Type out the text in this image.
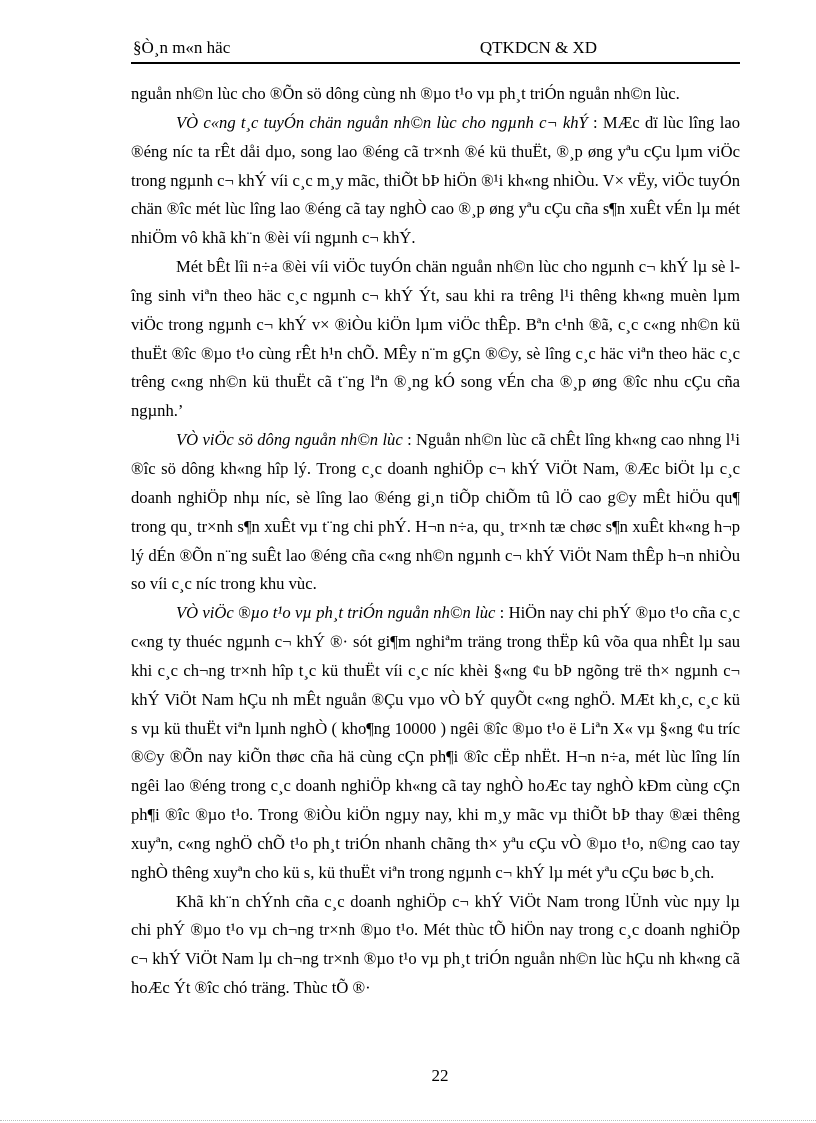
§Ò¸n m«n häc	QTKDCN & XD

nguån nh©n lùc cho ®Õn sö dông cùng nh ®µo t¹o vµ ph¸t triÓn nguån nh©n lùc.

VÒ c«ng t¸c tuyÓn chän nguån nh©n lùc cho ngµnh c¬ khÝ : MÆc dï lùc lîng lao ®éng níc ta rÊt dåi dµo, song lao ®éng cã tr×nh ®é kü thuËt, ®¸p øng yªu cÇu lµm viÖc trong ngµnh c¬ khÝ víi c¸c m¸y mãc, thiÕt bÞ hiÖn ®¹i kh«ng nhiÒu. V× vËy, viÖc tuyÓn chän ®îc mét lùc lîng lao ®éng cã tay nghÒ cao ®¸p øng yªu cÇu cña s¶n xuÊt vÉn lµ mét nhiÖm vô khã kh¨n ®èi víi ngµnh c¬ khÝ.

Mét bÊt lîi n÷a ®èi víi viÖc tuyÓn chän nguån nh©n lùc cho ngµnh c¬ khÝ lµ sè lîng sinh viªn theo häc c¸c ngµnh c¬ khÝ Ýt, sau khi ra trêng l¹i thêng kh«ng muèn lµm viÖc trong ngµnh c¬ khÝ v× ®iÒu kiÖn lµm viÖc thÊp. Bªn c¹nh ®ã, c¸c c«ng nh©n kü thuËt ®îc ®µo t¹o cùng rÊt h¹n chÕ. MÊy n¨m gÇn ®©y, sè lîng c¸c häc viªn theo häc c¸c trêng c«ng nh©n kü thuËt cã t¨ng lªn ®¸ng kÓ song vÉn cha ®¸p øng ®îc nhu cÇu cña ngµnh.’

VÒ viÖc sö dông nguån nh©n lùc : Nguån nh©n lùc cã chÊt lîng kh«ng cao nhng l¹i ®îc sö dông kh«ng hîp lý. Trong c¸c doanh nghiÖp c¬ khÝ ViÖt Nam, ®Æc biÖt lµ c¸c doanh nghiÖp nhµ níc, sè lîng lao ®éng gi¸n tiÕp chiÕm tû lÖ cao g©y mÊt hiÖu qu¶ trong qu¸ tr×nh s¶n xuÊt vµ t¨ng chi phÝ. H¬n n÷a, qu¸ tr×nh tæ chøc s¶n xuÊt kh«ng h¬p lý dÉn ®Õn n¨ng suÊt lao ®éng cña c«ng nh©n ngµnh c¬ khÝ ViÖt Nam thÊp h¬n nhiÒu so víi c¸c níc trong khu vùc.

VÒ viÖc ®µo t¹o vµ ph¸t triÓn nguån nh©n lùc : HiÖn nay chi phÝ ®µo t¹o cña c¸c c«ng ty thuéc ngµnh c¬ khÝ ®· sót gi¶m nghiªm träng trong thËp kû võa qua nhÊt lµ sau khi c¸c ch¬ng tr×nh hîp t¸c kü thuËt víi c¸c níc khèi §«ng ¢u bÞ ngõng trë th× ngµnh c¬ khÝ ViÖt Nam hÇu nh mÊt nguån ®Çu vµo vÒ bÝ quyÕt c«ng nghÖ. MÆt kh¸c, c¸c kü s vµ kü thuËt viªn lµnh nghÒ ( kho¶ng 10000 ) ngêi ®îc ®µo t¹o ë Liªn X« vµ §«ng ¢u tríc ®©y ®Õn nay kiÕn thøc cña hä cùng cÇn ph¶i ®îc cËp nhËt. H¬n n÷a, mét lùc lîng lín ngêi lao ®éng trong c¸c doanh nghiÖp kh«ng cã tay nghÒ hoÆc tay nghÒ kÐm cùng cÇn ph¶i ®îc ®µo t¹o. Trong ®iÒu kiÖn ngµy nay, khi m¸y mãc vµ thiÕt bÞ thay ®æi thêng xuyªn, c«ng nghÖ chÕ t¹o ph¸t triÓn nhanh chãng th× yªu cÇu vÒ ®µo t¹o, n©ng cao tay nghÒ thêng xuyªn cho kü s, kü thuËt viªn trong ngµnh c¬ khÝ lµ mét yªu cÇu bøc b¸ch.

Khã kh¨n chÝnh cña c¸c doanh nghiÖp c¬ khÝ ViÖt Nam trong lÜnh vùc nµy lµ chi phÝ ®µo t¹o vµ ch¬ng tr×nh ®µo t¹o. Mét thùc tÕ hiÖn nay trong c¸c doanh nghiÖp c¬ khÝ ViÖt Nam lµ ch¬ng tr×nh ®µo t¹o vµ ph¸t triÓn nguån nh©n lùc hÇu nh kh«ng cã hoÆc Ýt ®îc chó träng. Thùc tÕ ®·

22
